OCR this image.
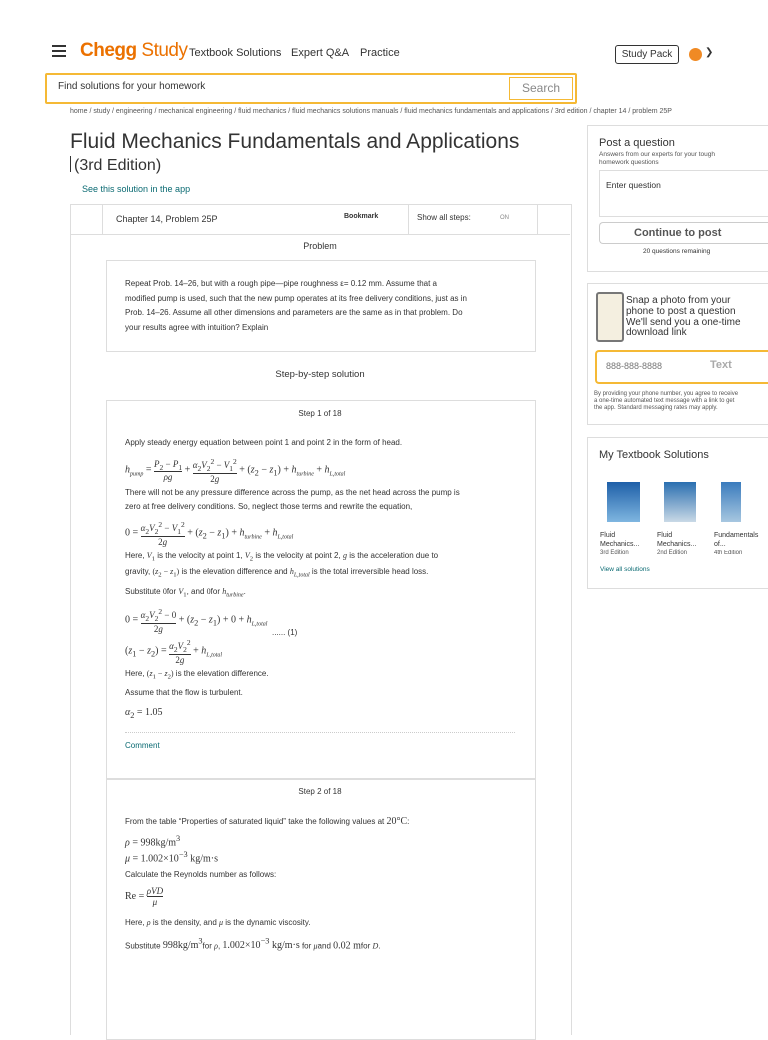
Chegg Study Textbook Solutions Expert Q&A Practice	Study Pack	❯
Find solutions for your homework
Search
home / study / engineering / mechanical engineering / fluid mechanics / fluid mechanics solutions manuals / fluid mechanics fundamentals and applications / 3rd edition / chapter 14 / problem 25P
Fluid Mechanics Fundamentals and Applications
(3rd Edition)
See this solution in the app
Chapter 14, Problem 25P	Bookmark	Show all steps:	ON
Problem
Repeat Prob. 14–26, but with a rough pipe—pipe roughness ε= 0.12 mm. Assume that a
modified pump is used, such that the new pump operates at its free delivery conditions, just as in
Prob. 14–26. Assume all other dimensions and parameters are the same as in that problem. Do
your results agree with intuition? Explain
Step-by-step solution
Step 1 of 18
Apply steady energy equation between point 1 and point 2 in the form of head.
$h_{pump} = \frac{P_2 - P_1}{\rho g} + \frac{\alpha_2V_2^2 - V_1^2}{2g} + (z_2 - z_1) + h_{turbine} + h_{L,total}$
There will not be any pressure difference across the pump, as the net head across the pump is
zero at free delivery conditions. So, neglect those terms and rewrite the equation,
$0 = \frac{\alpha_2V_2^2 - V_1^2}{2g} + (z_2 - z_1) + h_{turbine} + h_{L,total}$
Here, $V_1$ is the velocity at point 1, $V_2$ is the velocity at point 2, g is the acceleration due to
gravity, $(z_2 - z_1)$ is the elevation difference and $h_{L,total}$ is the total irreversible head loss.
Substitute 0for $V_1$, and 0for $h_{turbine}$.
$0 = \frac{\alpha_2V_2^2 - 0}{2g} + (z_2 - z_1) + 0 + h_{L,total}$
...... (1)
$(z_1 - z_2) = \frac{\alpha_2V_2^2}{2g} + h_{L,total}$
Here, $(z_1 - z_2)$ is the elevation difference.
Assume that the flow is turbulent.
$\alpha_2 = 1.05$
Comment
Step 2 of 18
From the table “Properties of saturated liquid” take the following values at 20°C:
$\rho = 998kg/m^3$
$\mu = 1.002\times 10^{-3}$ kg/m·s
Calculate the Reynolds number as follows:
Re = ρVD
μ
Here, ρ is the density, and μ is the dynamic viscosity.
Substitute $998kg/m^3for$ ρ, $1.002\times 10^{-3}$ kg/m·s for μand 0.02 mfor D.
Post a question
Answers from our experts for your tough
homework questions
Enter question
Continue to post
20 questions remaining
Snap a photo from your
phone to post a question
We'll send you a one-time
download link
888-888-8888	Text
By providing your phone number, you agree to receive
a one-time automated text message with a link to get
the app. Standard messaging rates may apply.
My Textbook Solutions
Fluid Mechanics...
Fluid Mechanics...
Fundamentals of...
3rd Edition	2nd Edition	4th Edition
View all solutions
